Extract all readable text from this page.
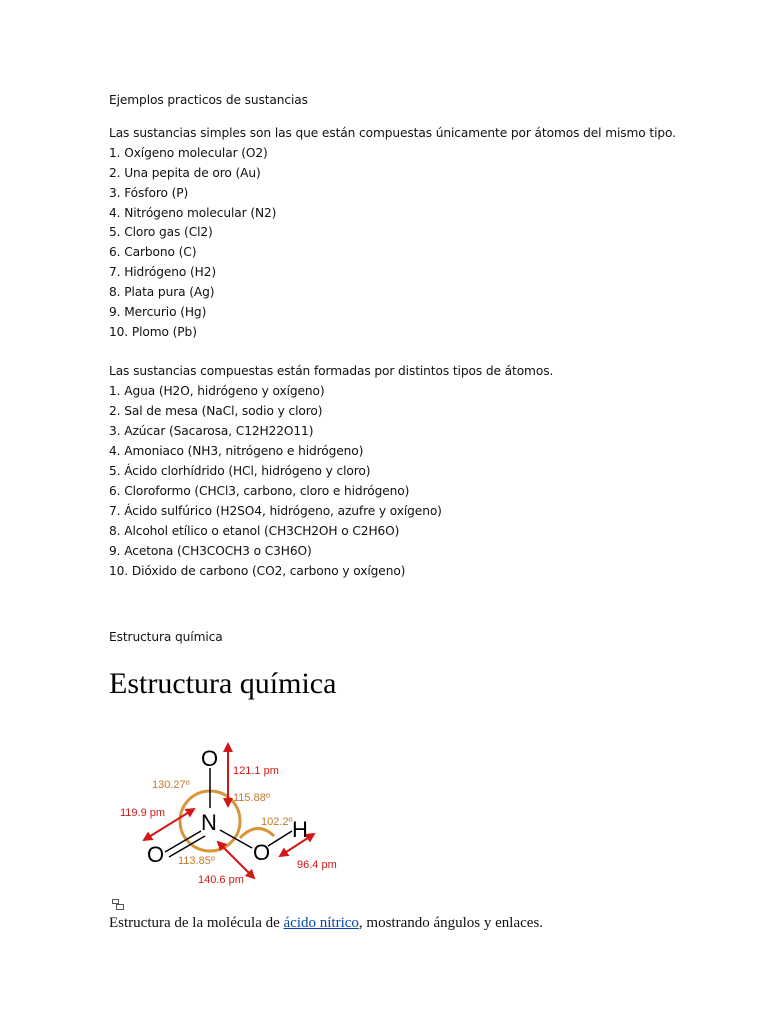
Ejemplos practicos de sustancias
Las sustancias simples son las que están compuestas únicamente por átomos del mismo tipo.
1. Oxígeno molecular (O2)
2. Una pepita de oro (Au)
3. Fósforo (P)
4. Nitrógeno molecular (N2)
5. Cloro gas (Cl2)
6. Carbono (C)
7. Hidrógeno (H2)
8. Plata pura (Ag)
9. Mercurio (Hg)
10. Plomo (Pb)
Las sustancias compuestas están formadas por distintos tipos de átomos.
1. Agua (H2O, hidrógeno y oxígeno)
2. Sal de mesa (NaCl, sodio y cloro)
3. Azúcar (Sacarosa, C12H22O11)
4. Amoniaco (NH3, nitrógeno e hidrógeno)
5. Ácido clorhídrido (HCl, hidrógeno y cloro)
6. Cloroformo (CHCl3, carbono, cloro e hidrógeno)
7. Ácido sulfúrico (H2SO4, hidrógeno, azufre y oxígeno)
8. Alcohol etílico o etanol (CH3CH2OH o C2H6O)
9. Acetona (CH3COCH3 o C3H6O)
10. Dióxido de carbono (CO2, carbono y oxígeno)
Estructura química
Estructura química
O
N
O	O
H
121.1 pm
119.9 pm
140.6 pm
96.4 pm
130.27º
115.88º
102.2º
113.85º
Estructura de la molécula de ácido nítrico, mostrando ángulos y enlaces.
